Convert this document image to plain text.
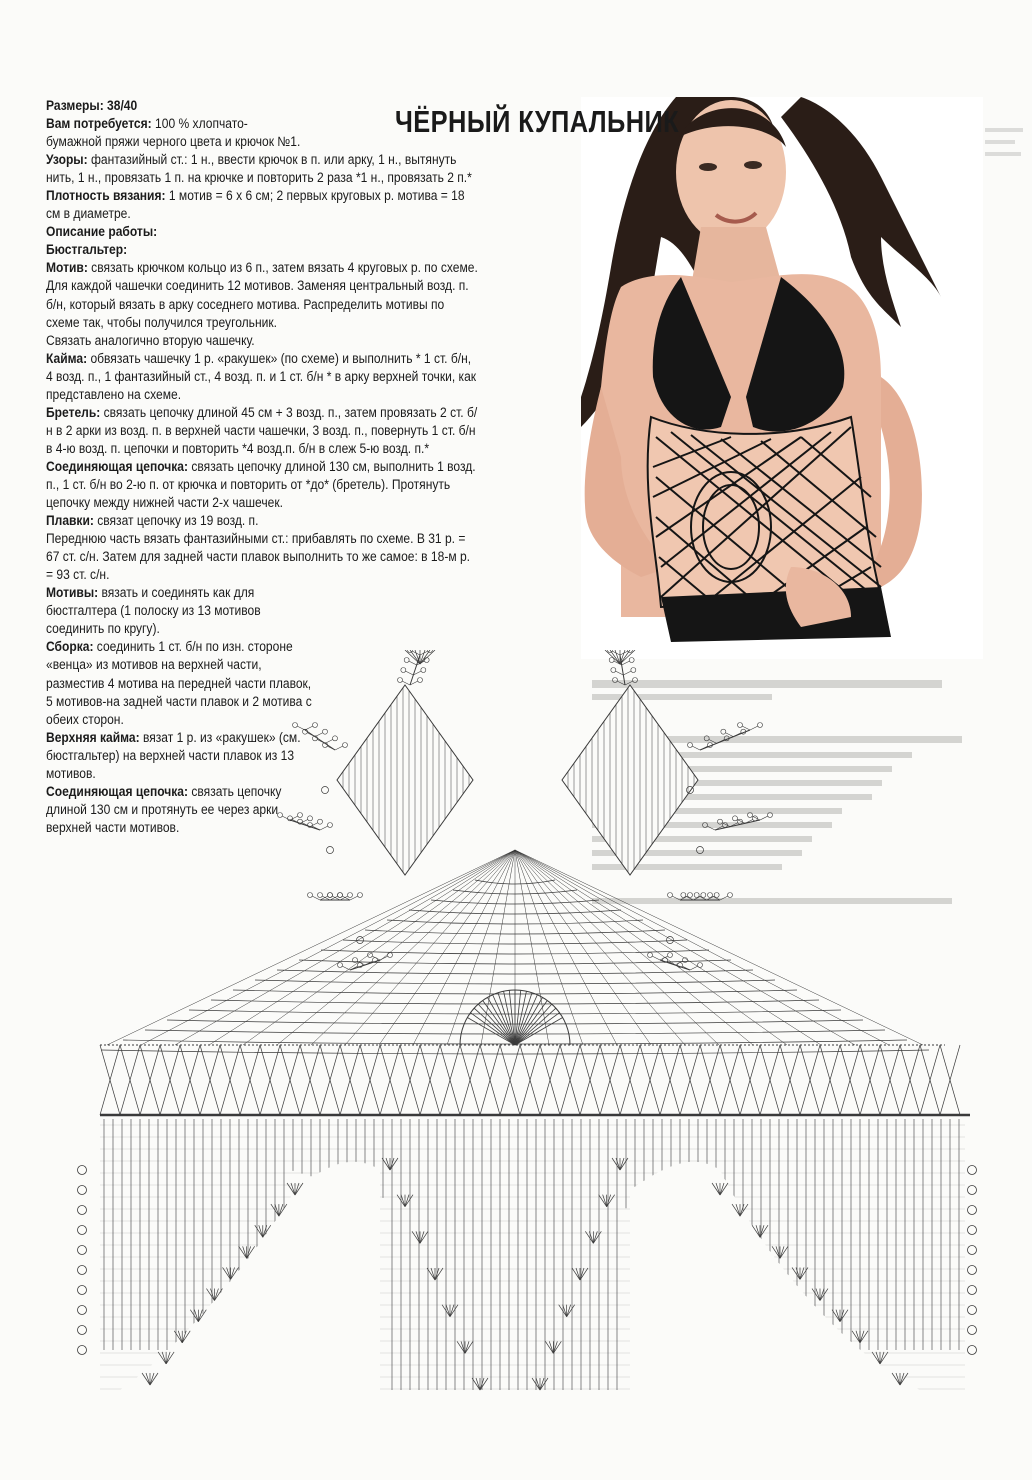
ЧЁРНЫЙ КУПАЛЬНИК

Размеры: 38/40

Вам потребуется: 100 % хлопчато-

бумажной пряжи черного цвета и крючок №1.

Узоры: фантазийный ст.: 1 н., ввести крючок в п. или арку, 1 н., вытянуть нить, 1 н., провязать 1 п. на крючке и повторить 2 раза *1 н., провязать 2 п.*

Плотность вязания: 1 мотив = 6 х 6 см; 2 первых круговых р. мотива = 18 см в диаметре.

Описание работы:

Бюстгальтер:

Мотив: связать крючком кольцо из 6 п., затем вязать 4 круговых р. по схеме.

Для каждой чашечки соединить 12 мотивов. Заменяя центральный возд. п. б/н, который вязать в арку соседнего мотива. Распределить мотивы по схеме так, чтобы получился треугольник.

Связать аналогично вторую чашечку.

Кайма: обвязать чашечку 1 р. «ракушек» (по схеме) и выполнить * 1 ст. б/н, 4 возд. п., 1 фантазийный ст., 4 возд. п. и 1 ст. б/н * в арку верхней точки, как представлено на схеме.

Бретель: связать цепочку длиной 45 см + 3 возд. п., затем провязать 2 ст. б/н в 2 арки из возд. п. в верхней части чашечки, 3 возд. п., повернуть 1 ст. б/н в 4-ю возд. п. цепочки и повторить *4 возд.п. б/н в слеж 5-ю возд. п.*

Соединяющая цепочка: связать цепочку длиной 130 см, выполнить 1 возд. п., 1 ст. б/н во 2-ю п. от крючка и повторить от *до* (бретель). Протянуть цепочку между нижней части 2-х чашечек.

Плавки: связат цепочку из 19 возд. п.

Переднюю часть вязать фантазийными ст.: прибавлять по схеме. В 31 р. = 67 ст. с/н. Затем для задней части плавок выполнить то же самое: в 18-м р. = 93 ст. с/н.

Мотивы: вязать и соединять как для бюстгалтера (1 полоску из 13 мотивов соединить по кругу).

Сборка: соединить 1 ст. б/н по изн. стороне «венца» из мотивов на верхней части, разместив 4 мотива на передней части плавок, 5 мотивов-на задней части плавок и 2 мотива с обеих сторон.

Верхняя кайма: вязат 1 р. из «ракушек» (см. бюстгальтер) на верхней части плавок из 13 мотивов.

Соединяющая цепочка: связать цепочку длиной 130 см и протянуть ее через арки верхней части мотивов.
